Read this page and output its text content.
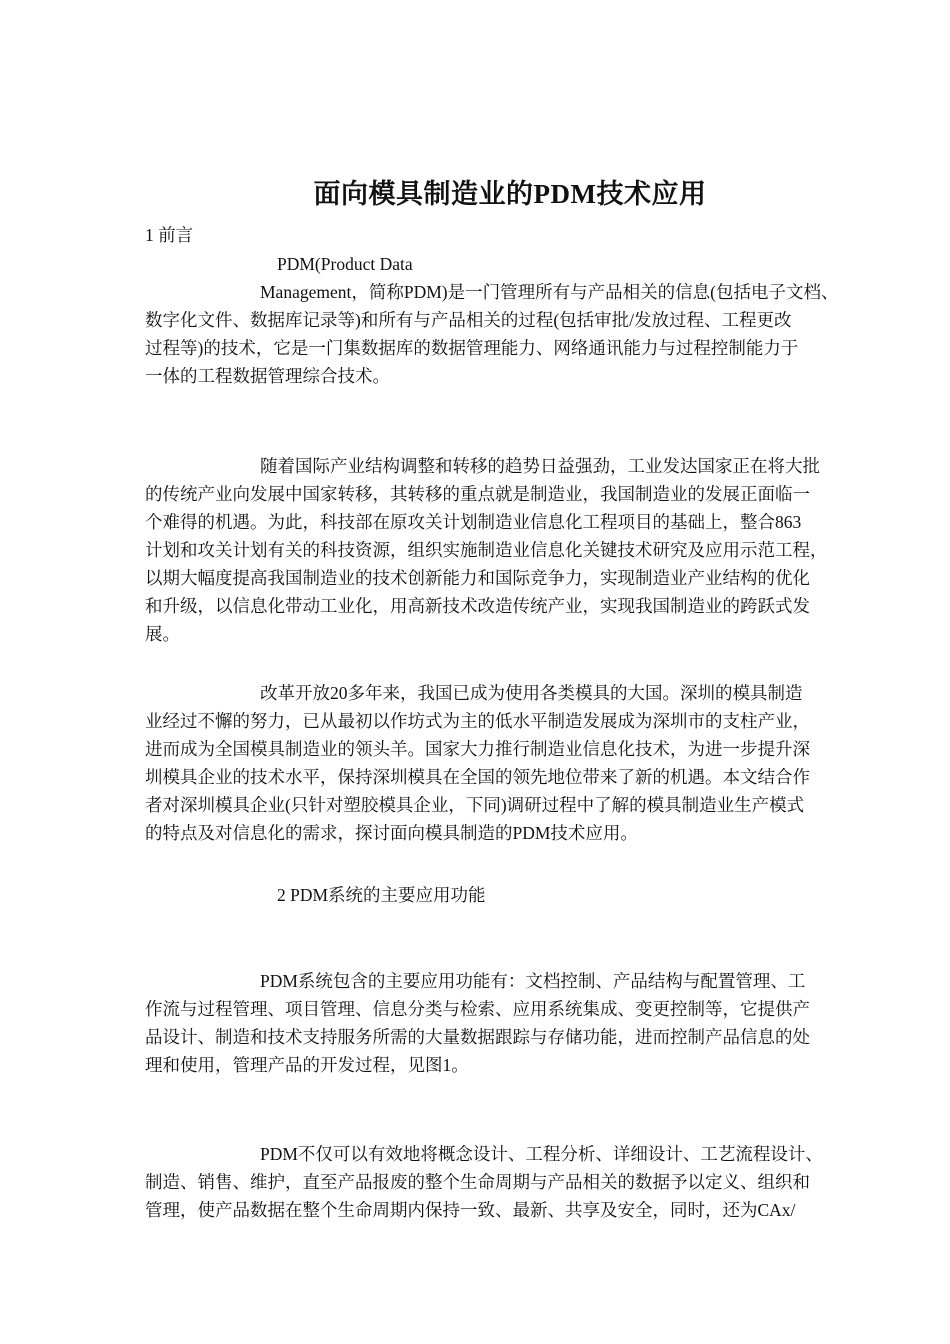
面向模具制造业的PDM技术应用
1 前言
PDM(Product Data
Management，简称PDM)是一门管理所有与产品相关的信息(包括电子文档、
数字化文件、数据库记录等)和所有与产品相关的过程(包括审批/发放过程、工程更改
过程等)的技术，它是一门集数据库的数据管理能力、网络通讯能力与过程控制能力于
一体的工程数据管理综合技术。
随着国际产业结构调整和转移的趋势日益强劲，工业发达国家正在将大批
的传统产业向发展中国家转移，其转移的重点就是制造业，我国制造业的发展正面临一
个难得的机遇。为此，科技部在原攻关计划制造业信息化工程项目的基础上，整合863
计划和攻关计划有关的科技资源，组织实施制造业信息化关键技术研究及应用示范工程，
以期大幅度提高我国制造业的技术创新能力和国际竞争力，实现制造业产业结构的优化
和升级，以信息化带动工业化，用高新技术改造传统产业，实现我国制造业的跨跃式发
展。
改革开放20多年来，我国已成为使用各类模具的大国。深圳的模具制造
业经过不懈的努力，已从最初以作坊式为主的低水平制造发展成为深圳市的支柱产业，
进而成为全国模具制造业的领头羊。国家大力推行制造业信息化技术，为进一步提升深
圳模具企业的技术水平，保持深圳模具在全国的领先地位带来了新的机遇。本文结合作
者对深圳模具企业(只针对塑胶模具企业，下同)调研过程中了解的模具制造业生产模式
的特点及对信息化的需求，探讨面向模具制造的PDM技术应用。
2 PDM系统的主要应用功能
PDM系统包含的主要应用功能有：文档控制、产品结构与配置管理、工
作流与过程管理、项目管理、信息分类与检索、应用系统集成、变更控制等，它提供产
品设计、制造和技术支持服务所需的大量数据跟踪与存储功能，进而控制产品信息的处
理和使用，管理产品的开发过程，见图1。
PDM不仅可以有效地将概念设计、工程分析、详细设计、工艺流程设计、
制造、销售、维护，直至产品报废的整个生命周期与产品相关的数据予以定义、组织和
管理，使产品数据在整个生命周期内保持一致、最新、共享及安全，同时，还为CAx/
